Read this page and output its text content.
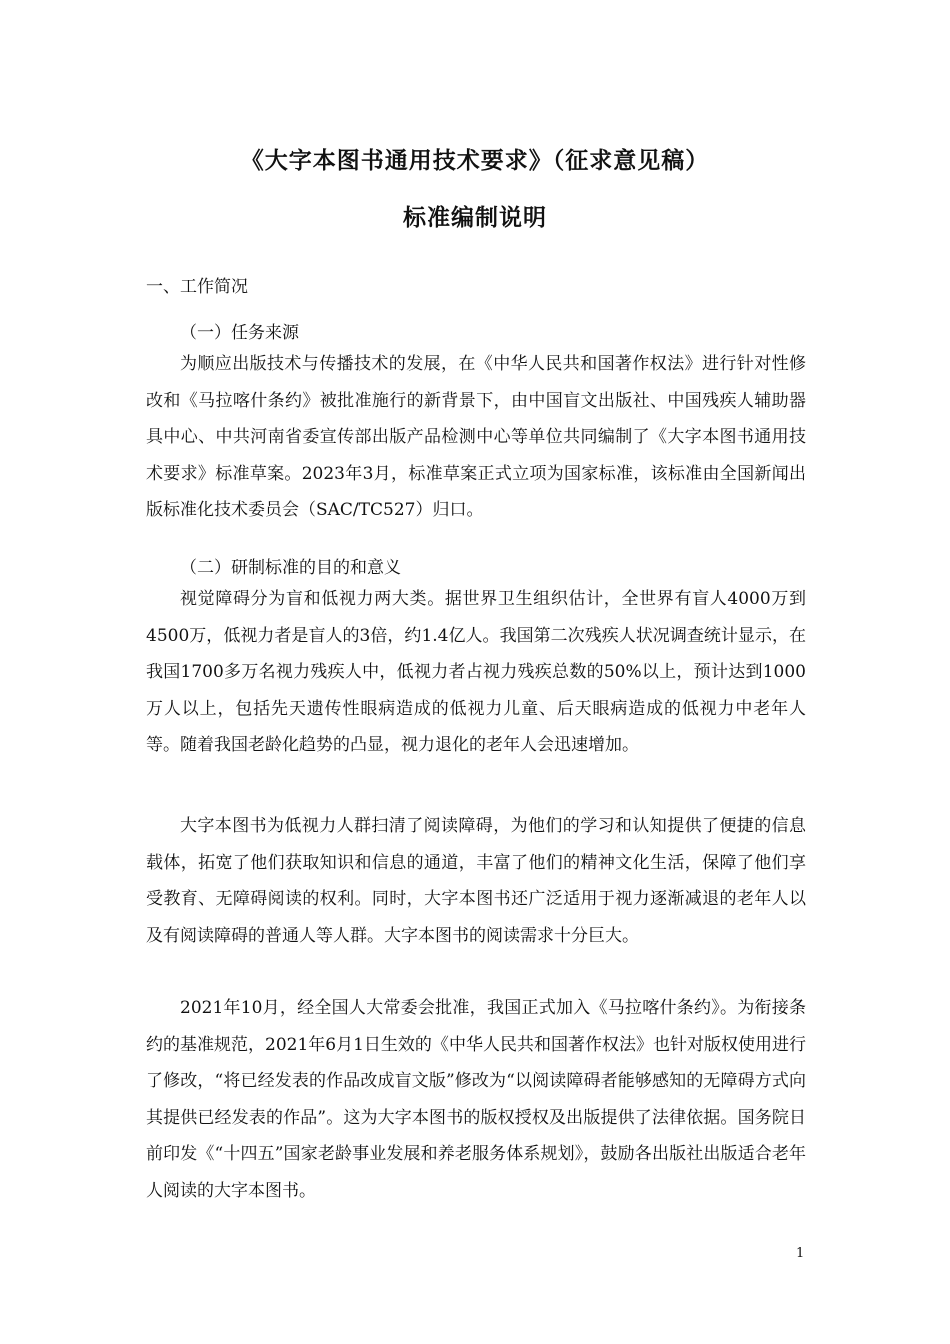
《大字本图书通用技术要求》（征求意见稿）
标准编制说明
一、工作简况
（一）任务来源

为顺应出版技术与传播技术的发展，在《中华人民共和国著作权法》进行针对性修改和《马拉喀什条约》被批准施行的新背景下，由中国盲文出版社、中国残疾人辅助器具中心、中共河南省委宣传部出版产品检测中心等单位共同编制了《大字本图书通用技术要求》标准草案。2023年3月，标准草案正式立项为国家标准，该标准由全国新闻出版标准化技术委员会（SAC/TC527）归口。

（二）研制标准的目的和意义

视觉障碍分为盲和低视力两大类。据世界卫生组织估计，全世界有盲人4000万到4500万，低视力者是盲人的3倍，约1.4亿人。我国第二次残疾人状况调查统计显示，在我国1700多万名视力残疾人中，低视力者占视力残疾总数的50%以上，预计达到1000万人以上，包括先天遗传性眼病造成的低视力儿童、后天眼病造成的低视力中老年人等。随着我国老龄化趋势的凸显，视力退化的老年人会迅速增加。

大字本图书为低视力人群扫清了阅读障碍，为他们的学习和认知提供了便捷的信息载体，拓宽了他们获取知识和信息的通道，丰富了他们的精神文化生活，保障了他们享受教育、无障碍阅读的权利。同时，大字本图书还广泛适用于视力逐渐减退的老年人以及有阅读障碍的普通人等人群。大字本图书的阅读需求十分巨大。

2021年10月，经全国人大常委会批准，我国正式加入《马拉喀什条约》。为衔接条约的基准规范，2021年6月1日生效的《中华人民共和国著作权法》也针对版权使用进行了修改，“将已经发表的作品改成盲文版”修改为“以阅读障碍者能够感知的无障碍方式向其提供已经发表的作品”。这为大字本图书的版权授权及出版提供了法律依据。国务院日前印发《“十四五”国家老龄事业发展和养老服务体系规划》，鼓励各出版社出版适合老年人阅读的大字本图书。

1
